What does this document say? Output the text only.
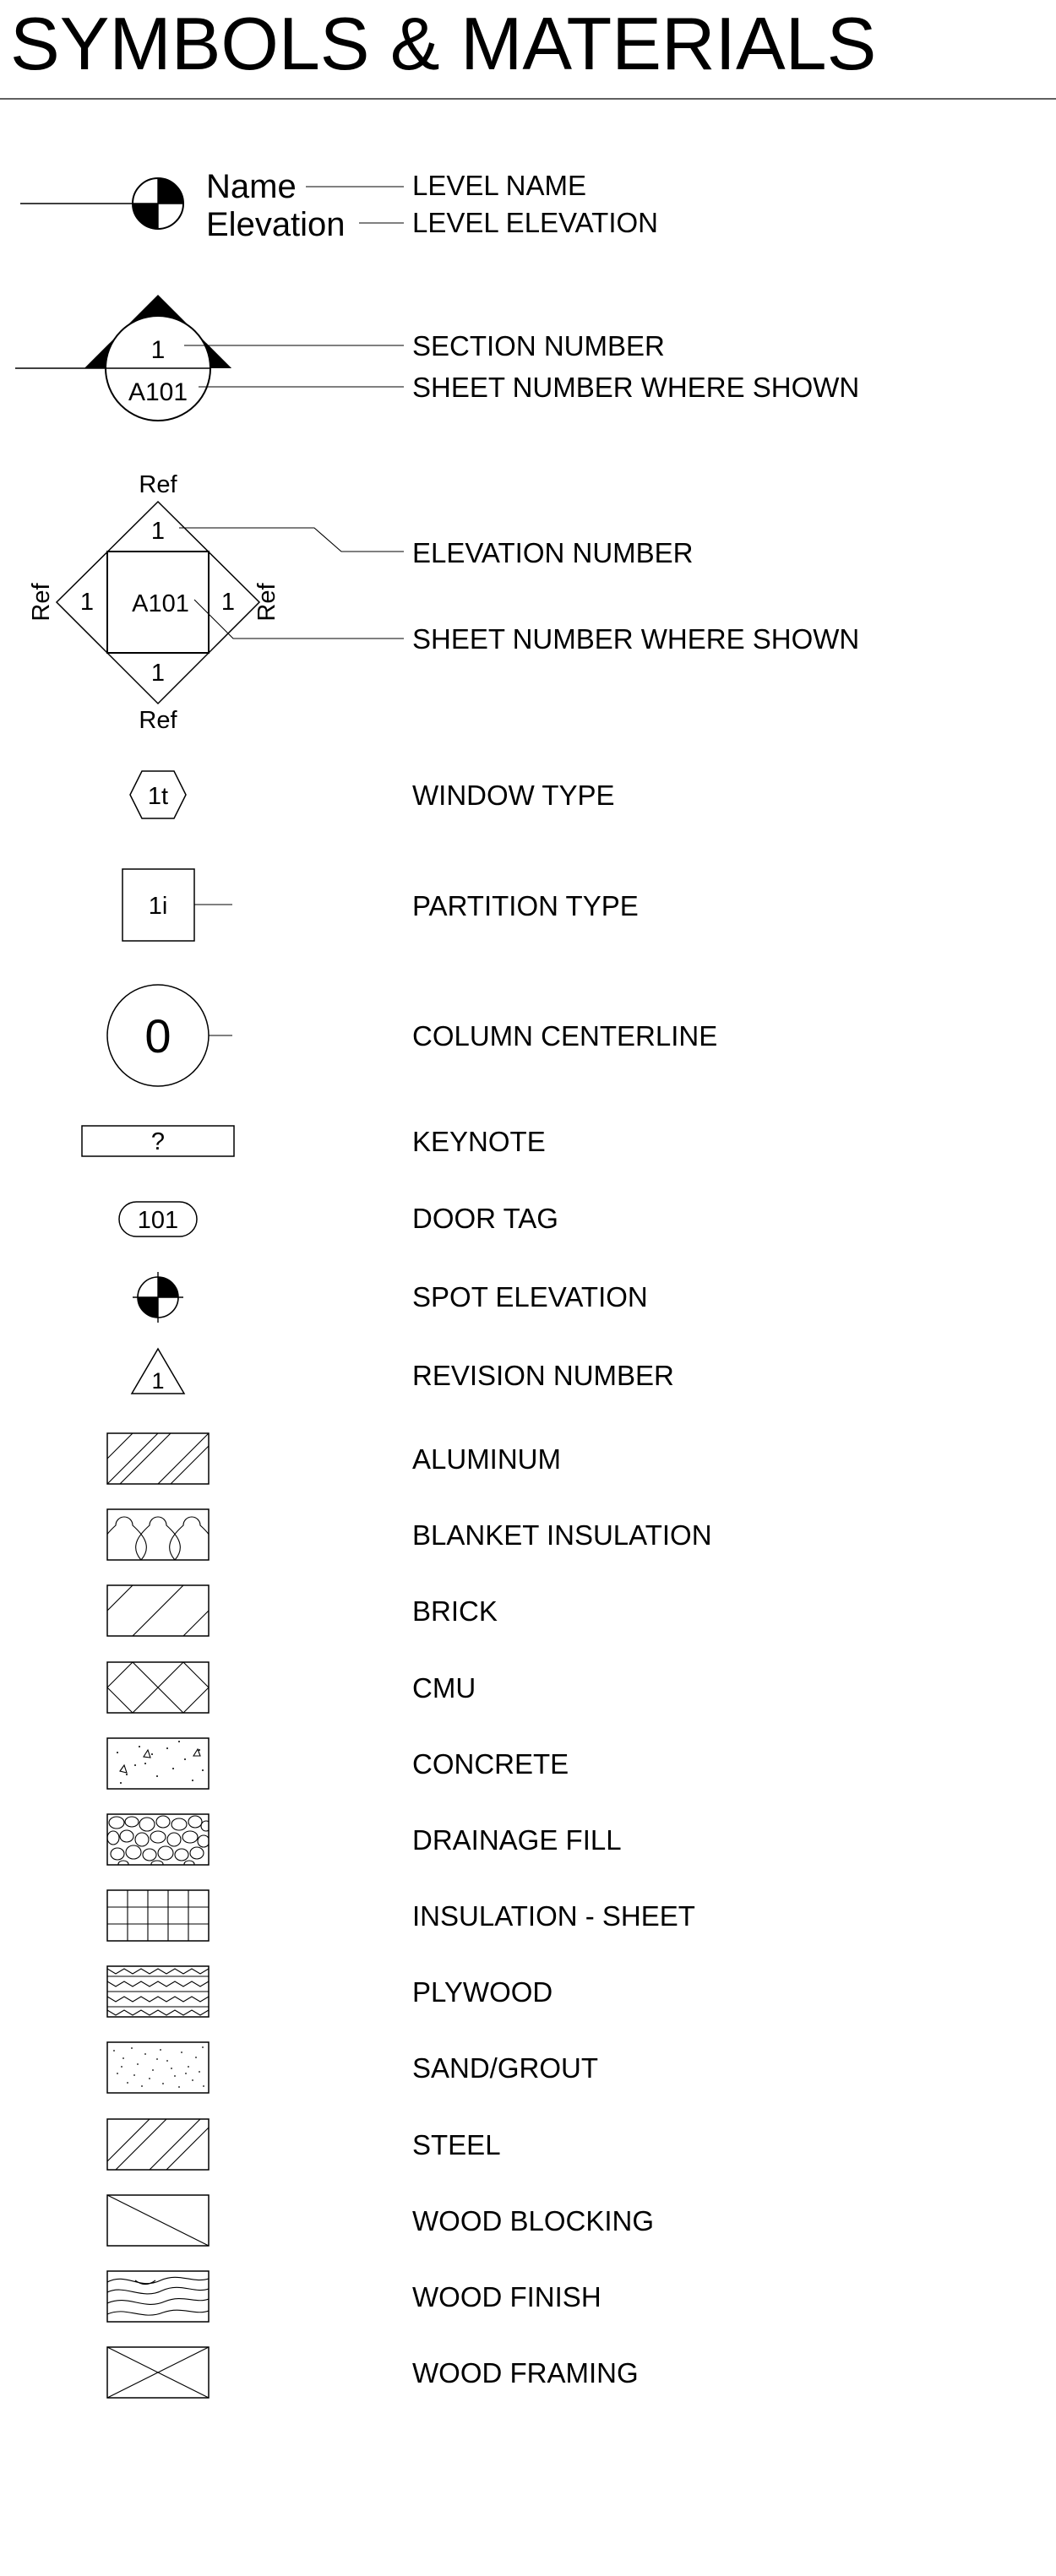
SYMBOLS & MATERIALS
Name
Elevation
LEVEL NAME
LEVEL ELEVATION
1
A101
SECTION NUMBER
SHEET NUMBER WHERE SHOWN
Ref
Ref
Ref	Ref
1
1
1	1
A101
ELEVATION NUMBER
SHEET NUMBER WHERE SHOWN
1t	WINDOW TYPE
1i	PARTITION TYPE
0	COLUMN CENTERLINE
?	KEYNOTE
101	DOOR TAG
SPOT ELEVATION
1	REVISION NUMBER
ALUMINUM
BLANKET INSULATION
BRICK
CMU
CONCRETE
DRAINAGE FILL
INSULATION - SHEET
PLYWOOD
SAND/GROUT
STEEL
WOOD BLOCKING
WOOD FINISH
WOOD FRAMING
